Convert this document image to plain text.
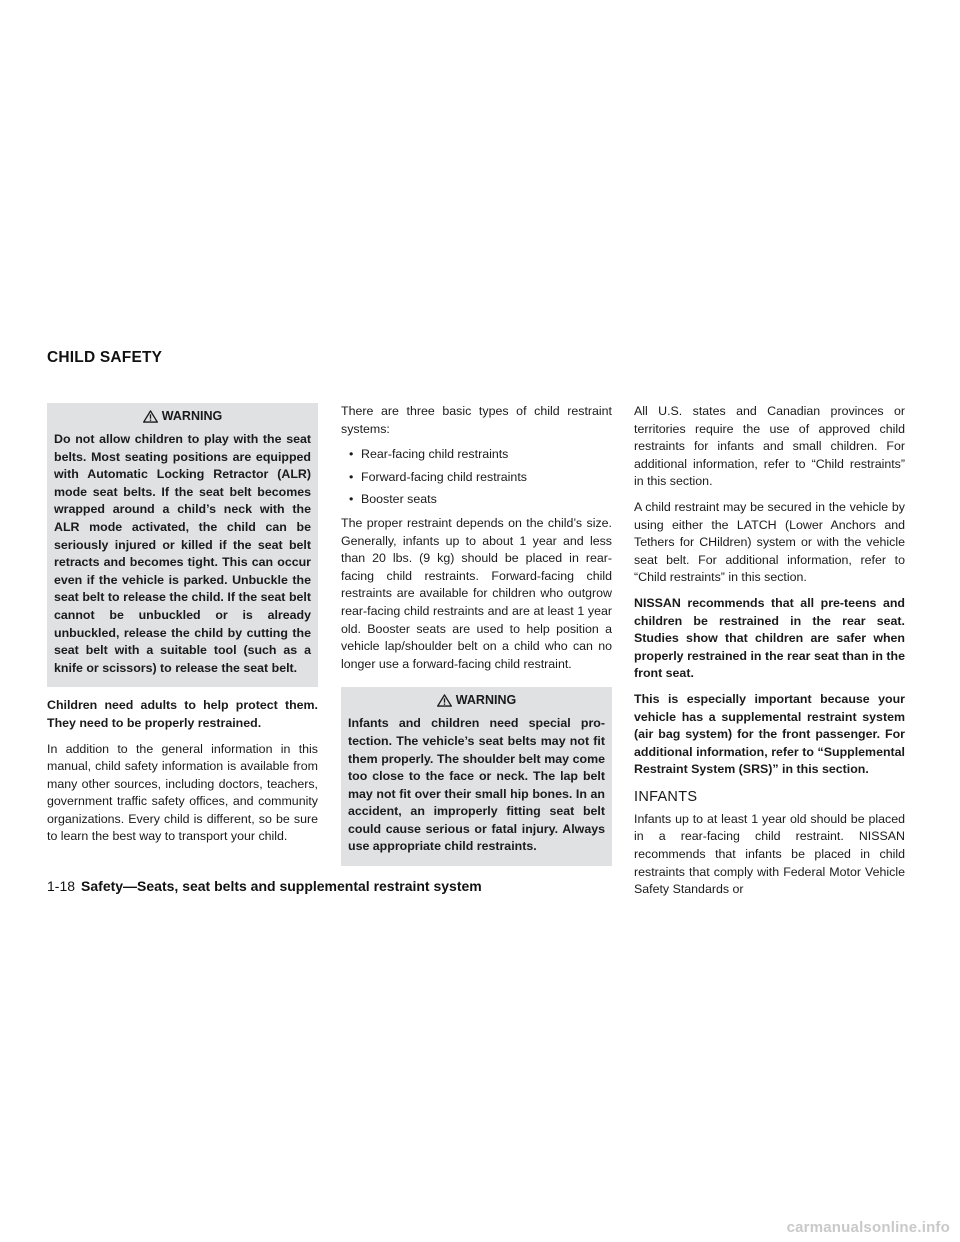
CHILD SAFETY
WARNING
Do not allow children to play with the seat belts. Most seating positions are equipped with Automatic Locking Retractor (ALR) mode seat belts. If the seat belt becomes wrapped around a child’s neck with the ALR mode activated, the child can be seriously injured or killed if the seat belt retracts and becomes tight. This can occur even if the vehicle is parked. Unbuckle the seat belt to release the child. If the seat belt cannot be unbuckled or is already unbuckled, release the child by cutting the seat belt with a suitable tool (such as a knife or scissors) to release the seat belt.

Children need adults to help protect them. They need to be properly restrained.

In addition to the general information in this manual, child safety information is available from many other sources, including doctors, teachers, government traffic safety offices, and community organizations. Every child is different, so be sure to learn the best way to transport your child.

There are three basic types of child restraint systems:

• Rear-facing child restraints
• Forward-facing child restraints
• Booster seats

The proper restraint depends on the child’s size. Generally, infants up to about 1 year and less than 20 lbs. (9 kg) should be placed in rear-facing child restraints. Forward-facing child restraints are available for children who outgrow rear-facing child restraints and are at least 1 year old. Booster seats are used to help position a vehicle lap/shoulder belt on a child who can no longer use a forward-facing child restraint.

WARNING
Infants and children need special protection. The vehicle’s seat belts may not fit them properly. The shoulder belt may come too close to the face or neck. The lap belt may not fit over their small hip bones. In an accident, an improperly fitting seat belt could cause serious or fatal injury. Always use appropriate child restraints.

All U.S. states and Canadian provinces or territories require the use of approved child restraints for infants and small children. For additional information, refer to “Child restraints” in this section.

A child restraint may be secured in the vehicle by using either the LATCH (Lower Anchors and Tethers for CHildren) system or with the vehicle seat belt. For additional information, refer to “Child restraints” in this section.

NISSAN recommends that all pre-teens and children be restrained in the rear seat. Studies show that children are safer when properly restrained in the rear seat than in the front seat.

This is especially important because your vehicle has a supplemental restraint system (air bag system) for the front passenger. For additional information, refer to “Supplemental Restraint System (SRS)” in this section.

INFANTS

Infants up to at least 1 year old should be placed in a rear-facing child restraint. NISSAN recommends that infants be placed in child restraints that comply with Federal Motor Vehicle Safety Standards or

1-18 Safety—Seats, seat belts and supplemental restraint system
carmanualsonline.info
